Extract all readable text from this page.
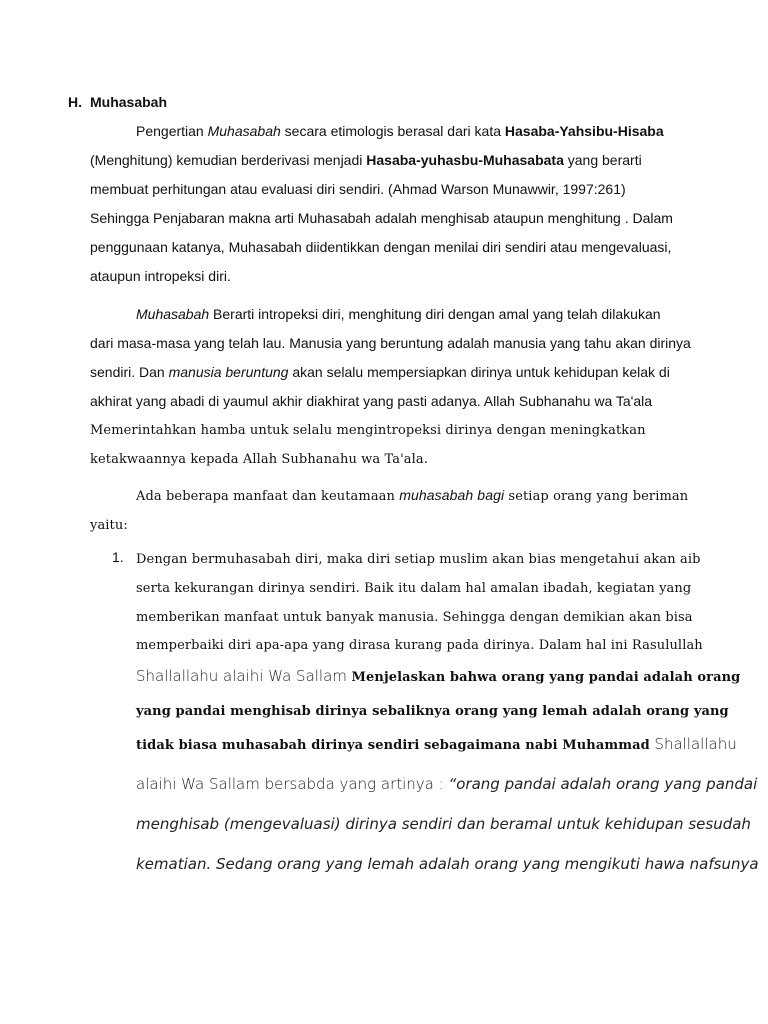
H. Muhasabah

Pengertian Muhasabah secara etimologis berasal dari kata Hasaba-Yahsibu-Hisaba
(Menghitung) kemudian berderivasi menjadi Hasaba-yuhasbu-Muhasabata yang berarti
membuat perhitungan atau evaluasi diri sendiri. (Ahmad Warson Munawwir, 1997:261)
Sehingga Penjabaran makna arti Muhasabah adalah menghisab ataupun menghitung . Dalam
penggunaan katanya, Muhasabah diidentikkan dengan menilai diri sendiri atau mengevaluasi,
ataupun intropeksi diri.

Muhasabah Berarti intropeksi diri, menghitung diri dengan amal yang telah dilakukan
dari masa-masa yang telah lau. Manusia yang beruntung adalah manusia yang tahu akan dirinya
sendiri. Dan manusia beruntung akan selalu mempersiapkan dirinya untuk kehidupan kelak di
akhirat yang abadi di yaumul akhir diakhirat yang pasti adanya. Allah Subhanahu wa Ta'ala
Memerintahkan hamba untuk selalu mengintropeksi dirinya dengan meningkatkan
ketakwaannya kepada Allah Subhanahu wa Ta'ala.

Ada beberapa manfaat dan keutamaan muhasabah bagi setiap orang yang beriman
yaitu:

1. Dengan bermuhasabah diri, maka diri setiap muslim akan bias mengetahui akan aib
serta kekurangan dirinya sendiri. Baik itu dalam hal amalan ibadah, kegiatan yang
memberikan manfaat untuk banyak manusia. Sehingga dengan demikian akan bisa
memperbaiki diri apa-apa yang dirasa kurang pada dirinya. Dalam hal ini Rasulullah
Shallallahu alaihi Wa Sallam Menjelaskan bahwa orang yang pandai adalah orang
yang pandai menghisab dirinya sebaliknya orang yang lemah adalah orang yang
tidak biasa muhasabah dirinya sendiri sebagaimana nabi Muhammad Shallallahu
alaihi Wa Sallam bersabda yang artinya : “orang pandai adalah orang yang pandai
menghisab (mengevaluasi) dirinya sendiri dan beramal untuk kehidupan sesudah
kematian. Sedang orang yang lemah adalah orang yang mengikuti hawa nafsunya
